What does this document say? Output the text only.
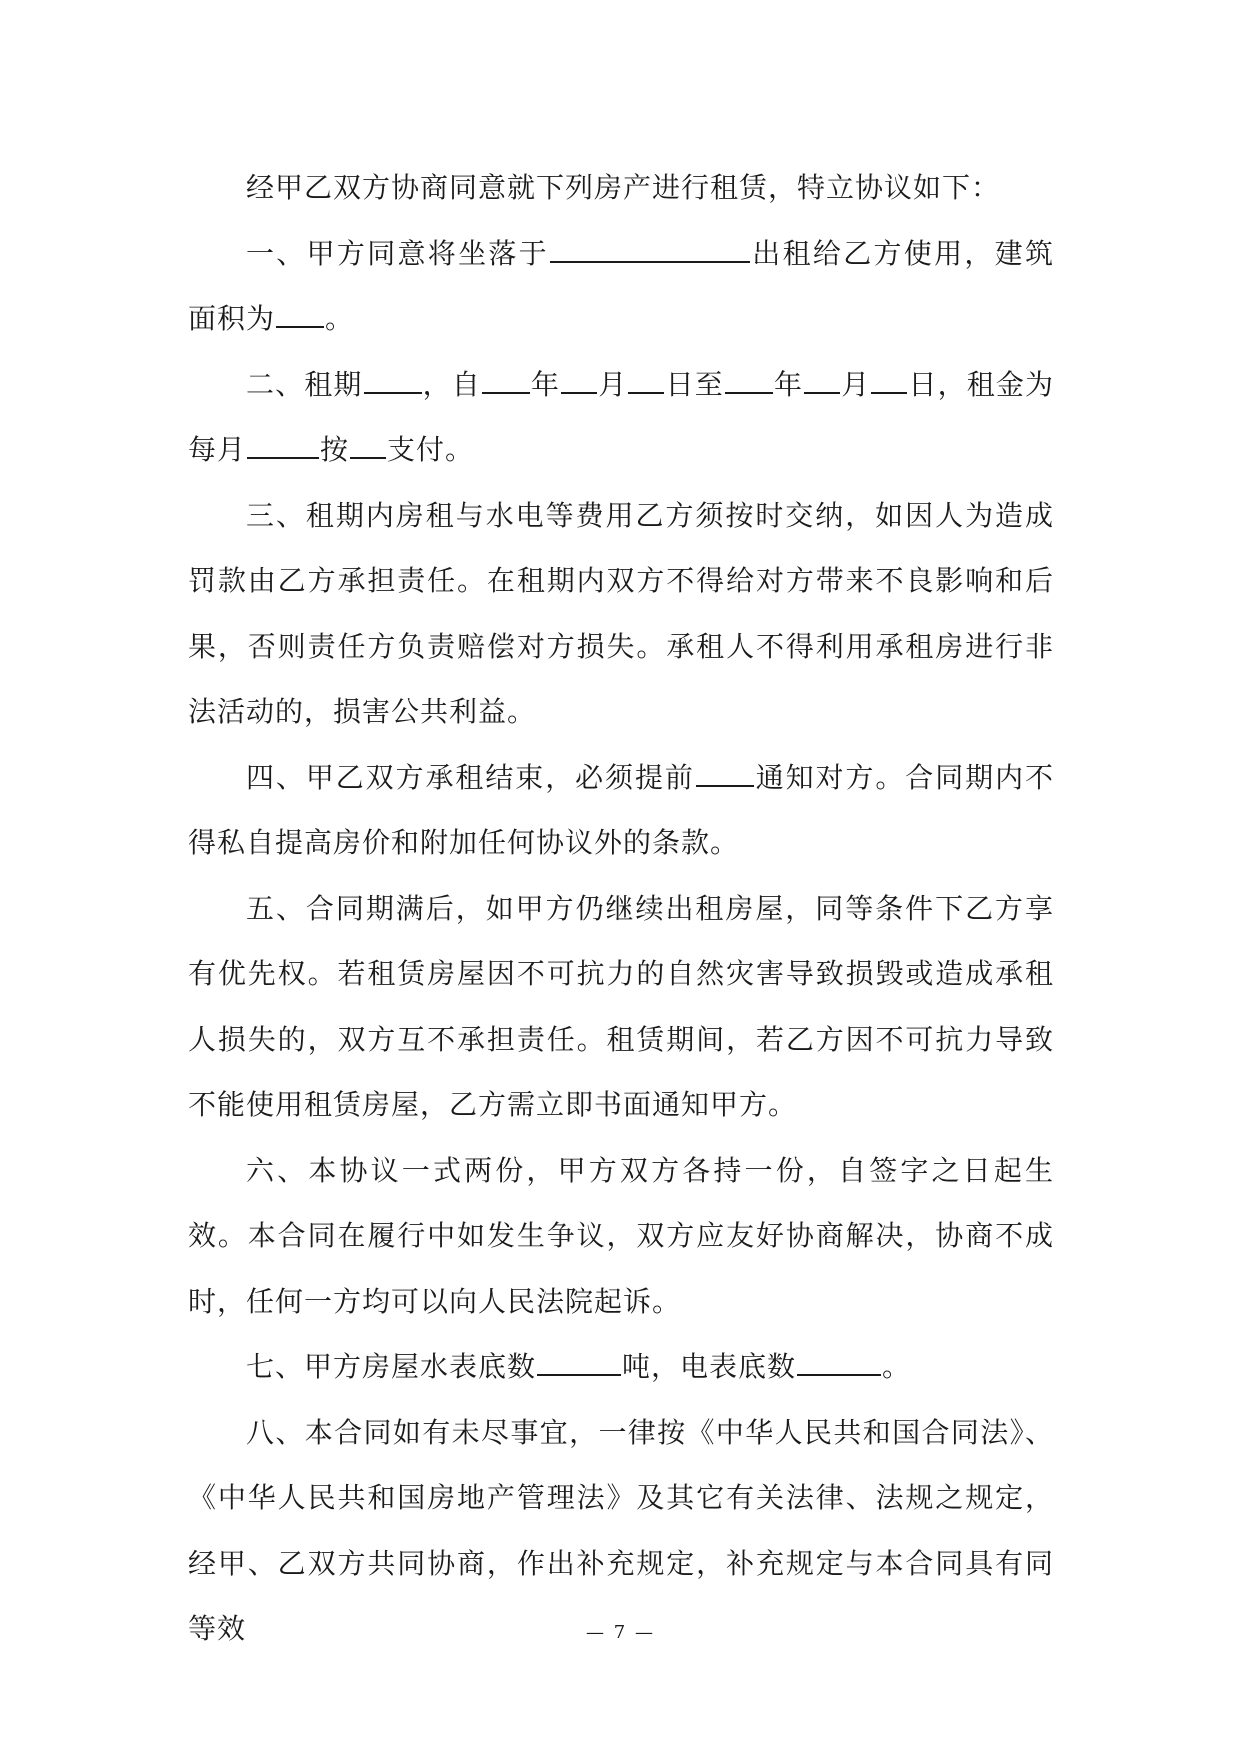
经甲乙双方协商同意就下列房产进行租赁，特立协议如下：

一、甲方同意将坐落于	出租给乙方使用，建筑面积为 。

二、租期 ，自 年 月 日至 年 月 日，租金为每月	按 支付。

三、租期内房租与水电等费用乙方须按时交纳，如因人为造成罚款由乙方承担责任。在租期内双方不得给对方带来不良影响和后果，否则责任方负责赔偿对方损失。承租人不得利用承租房进行非法活动的，损害公共利益。

四、甲乙双方承租结束，必须提前 通知对方。合同期内不得私自提高房价和附加任何协议外的条款。

五、合同期满后，如甲方仍继续出租房屋，同等条件下乙方享有优先权。若租赁房屋因不可抗力的自然灾害导致损毁或造成承租人损失的，双方互不承担责任。租赁期间，若乙方因不可抗力导致不能使用租赁房屋，乙方需立即书面通知甲方。

六、本协议一式两份，甲方双方各持一份，自签字之日起生效。本合同在履行中如发生争议，双方应友好协商解决，协商不成时，任何一方均可以向人民法院起诉。

七、甲方房屋水表底数	吨，电表底数	。

八、本合同如有未尽事宜，一律按《中华人民共和国合同法》、《中华人民共和国房地产管理法》及其它有关法律、法规之规定，经甲、乙双方共同协商，作出补充规定，补充规定与本合同具有同等效	— 7 —
